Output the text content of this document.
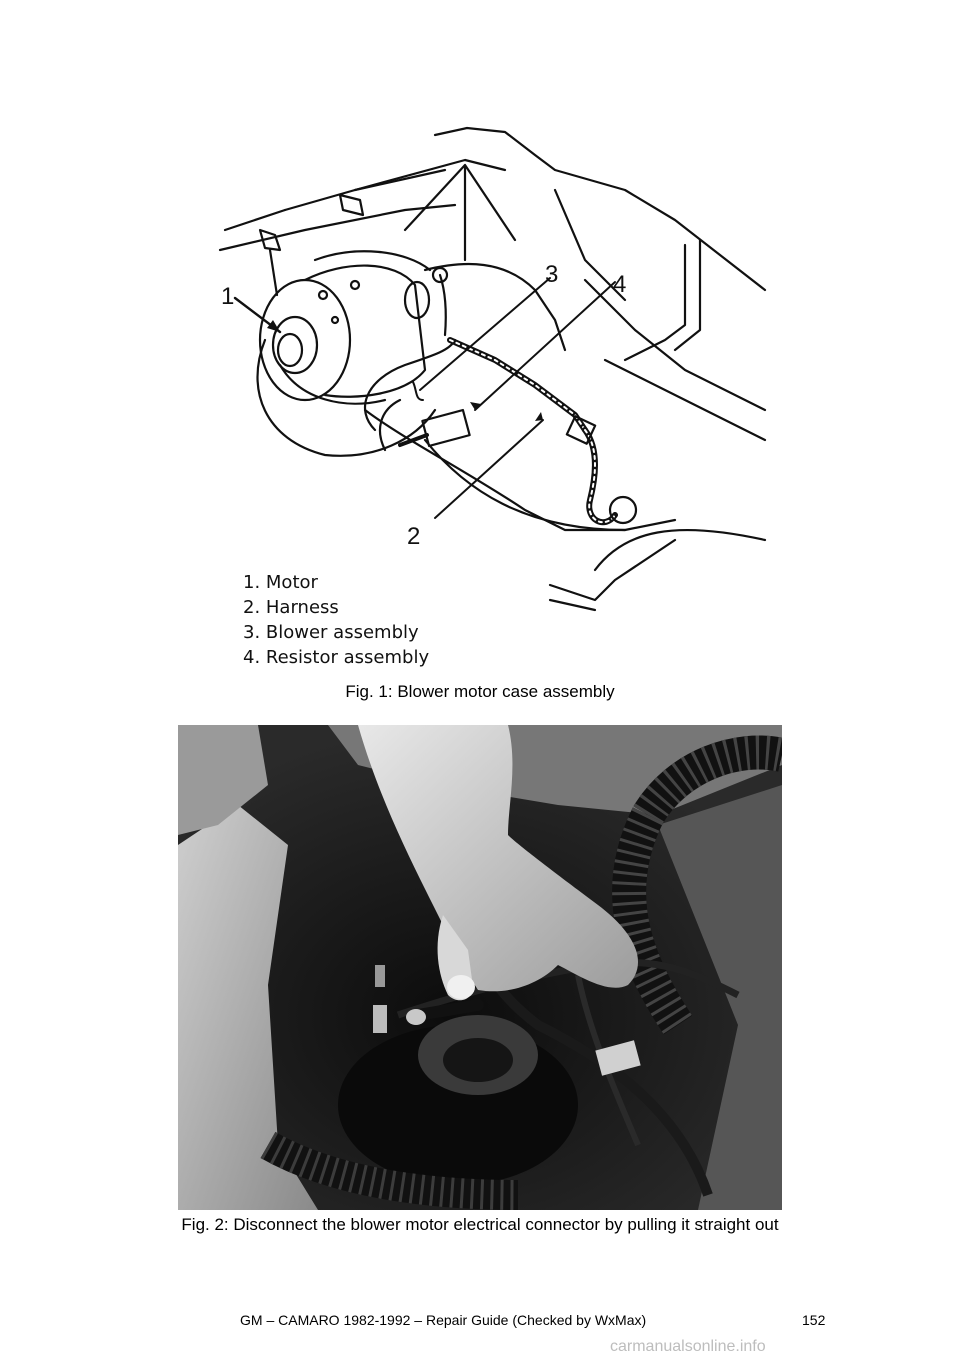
1
2
3 4
1. Motor
2. Harness
3. Blower assembly
4. Resistor assembly
Fig. 1: Blower motor case assembly
Fig. 2: Disconnect the blower motor electrical connector by pulling it straight out
GM – CAMARO 1982-1992 – Repair Guide (Checked by WxMax)	152
carmanualsonline.info
